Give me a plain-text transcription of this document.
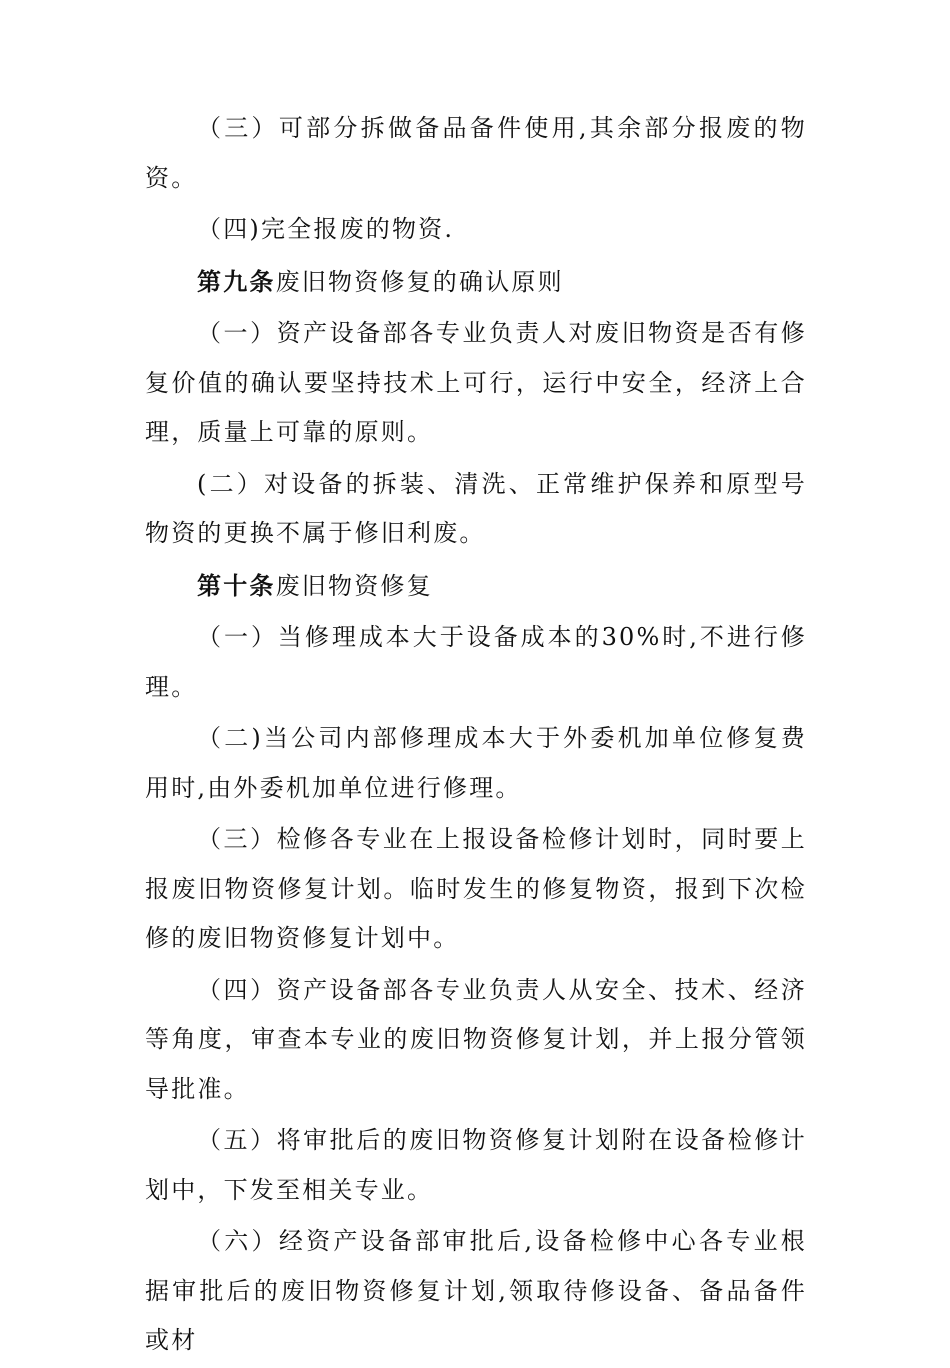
（三）可部分拆做备品备件使用,其余部分报废的物资。

（四)完全报废的物资.

第九条废旧物资修复的确认原则

（一）资产设备部各专业负责人对废旧物资是否有修复价值的确认要坚持技术上可行，运行中安全，经济上合理，质量上可靠的原则。

(二）对设备的拆装、清洗、正常维护保养和原型号物资的更换不属于修旧利废。

第十条废旧物资修复

（一）当修理成本大于设备成本的30%时,不进行修理。

（二)当公司内部修理成本大于外委机加单位修复费用时,由外委机加单位进行修理。

（三）检修各专业在上报设备检修计划时，同时要上报废旧物资修复计划。临时发生的修复物资，报到下次检修的废旧物资修复计划中。

（四）资产设备部各专业负责人从安全、技术、经济等角度，审查本专业的废旧物资修复计划，并上报分管领导批准。

（五）将审批后的废旧物资修复计划附在设备检修计划中，下发至相关专业。

（六）经资产设备部审批后,设备检修中心各专业根据审批后的废旧物资修复计划,领取待修设备、备品备件或材
